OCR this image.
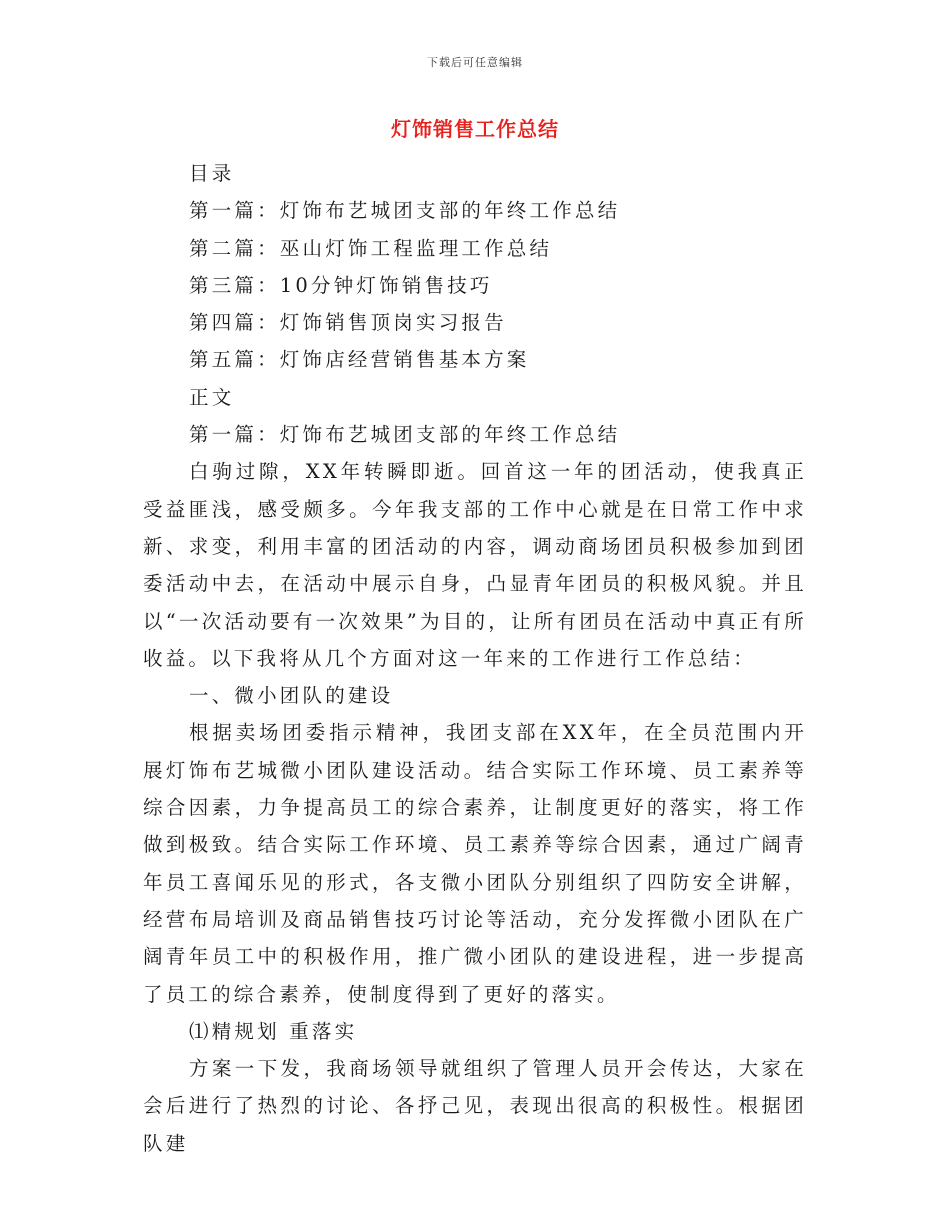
下载后可任意编辑
灯饰销售工作总结

目录

第一篇：灯饰布艺城团支部的年终工作总结

第二篇：巫山灯饰工程监理工作总结

第三篇：10分钟灯饰销售技巧

第四篇：灯饰销售顶岗实习报告

第五篇：灯饰店经营销售基本方案

正文

第一篇：灯饰布艺城团支部的年终工作总结

白驹过隙，XX年转瞬即逝。回首这一年的团活动，使我真正受益匪浅，感受颇多。今年我支部的工作中心就是在日常工作中求新、求变，利用丰富的团活动的内容，调动商场团员积极参加到团委活动中去，在活动中展示自身，凸显青年团员的积极风貌。并且以“一次活动要有一次效果”为目的，让所有团员在活动中真正有所收益。以下我将从几个方面对这一年来的工作进行工作总结：

一、微小团队的建设

根据卖场团委指示精神，我团支部在XX年，在全员范围内开展灯饰布艺城微小团队建设活动。结合实际工作环境、员工素养等综合因素，力争提高员工的综合素养，让制度更好的落实，将工作做到极致。结合实际工作环境、员工素养等综合因素，通过广阔青年员工喜闻乐见的形式，各支微小团队分别组织了四防安全讲解，经营布局培训及商品销售技巧讨论等活动，充分发挥微小团队在广阔青年员工中的积极作用，推广微小团队的建设进程，进一步提高了员工的综合素养，使制度得到了更好的落实。

⑴精规划 重落实

方案一下发，我商场领导就组织了管理人员开会传达，大家在会后进行了热烈的讨论、各抒己见，表现出很高的积极性。根据团队建
